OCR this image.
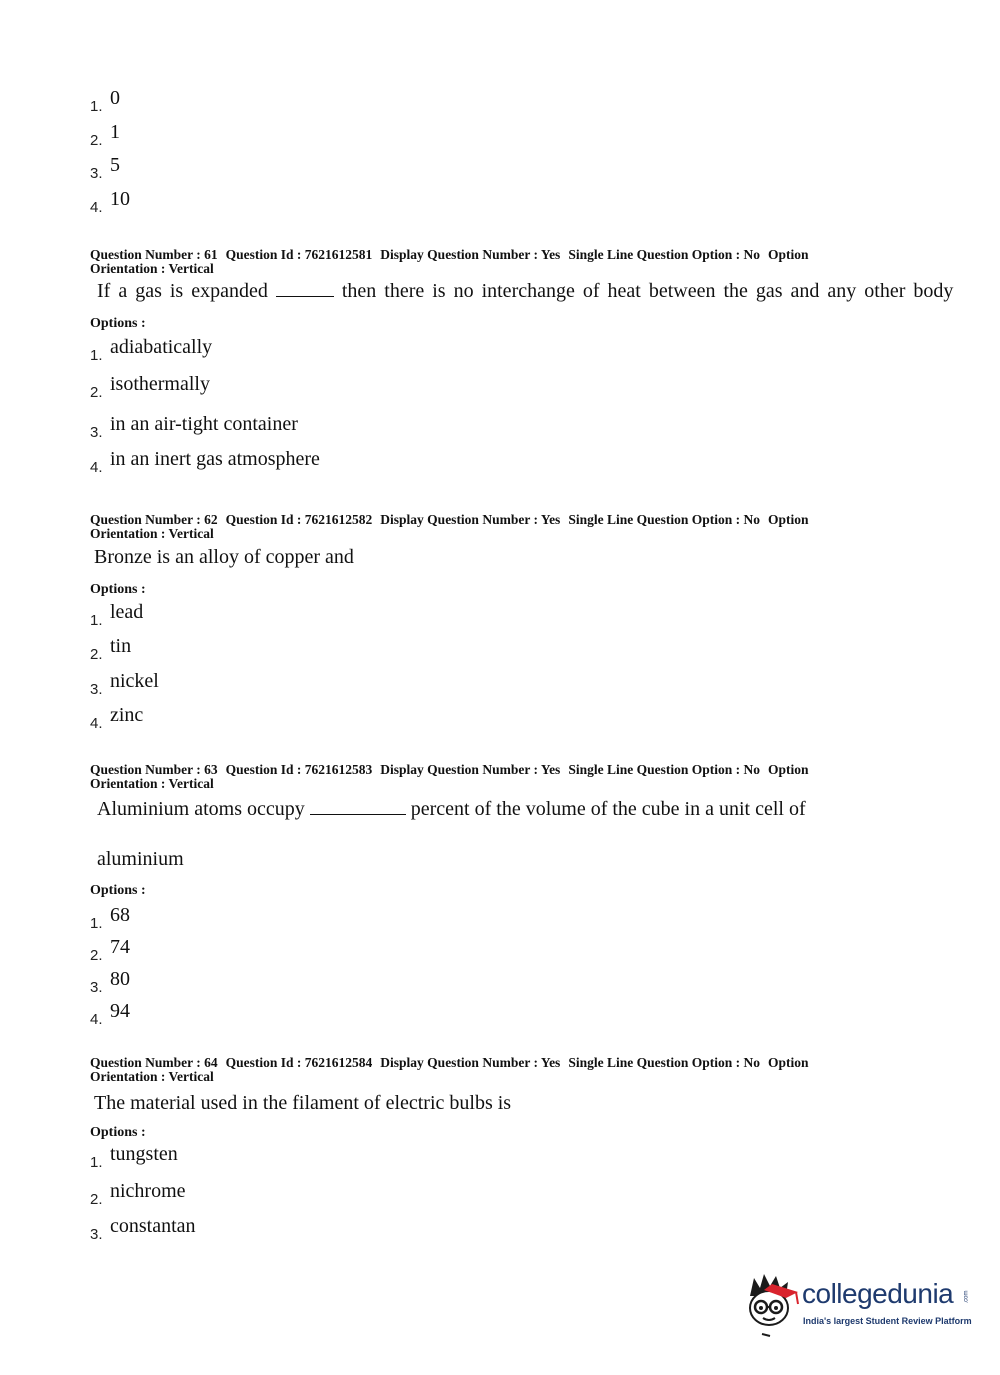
1. 0
2. 1
3. 5
4. 10
Question Number : 61 Question Id : 7621612581 Display Question Number : Yes Single Line Question Option : No Option
Orientation : Vertical
If a gas is expanded	then there is no interchange of heat between the gas and any other body
Options :
1. adiabatically
2. isothermally
3. in an air-tight container
4. in an inert gas atmosphere
Question Number : 62 Question Id : 7621612582 Display Question Number : Yes Single Line Question Option : No Option
Orientation : Vertical
Bronze is an alloy of copper and
Options :
1. lead
2. tin
3. nickel
4. zinc
Question Number : 63 Question Id : 7621612583 Display Question Number : Yes Single Line Question Option : No Option
Orientation : Vertical
Aluminium atoms occupy	percent of the volume of the cube in a unit cell of
aluminium
Options :
1. 68
2. 74
3. 80
4. 94
Question Number : 64 Question Id : 7621612584 Display Question Number : Yes Single Line Question Option : No Option
Orientation : Vertical
The material used in the filament of electric bulbs is
Options :
1. tungsten
2. nichrome
3. constantan
collegedunia .com
India's largest Student Review Platform
